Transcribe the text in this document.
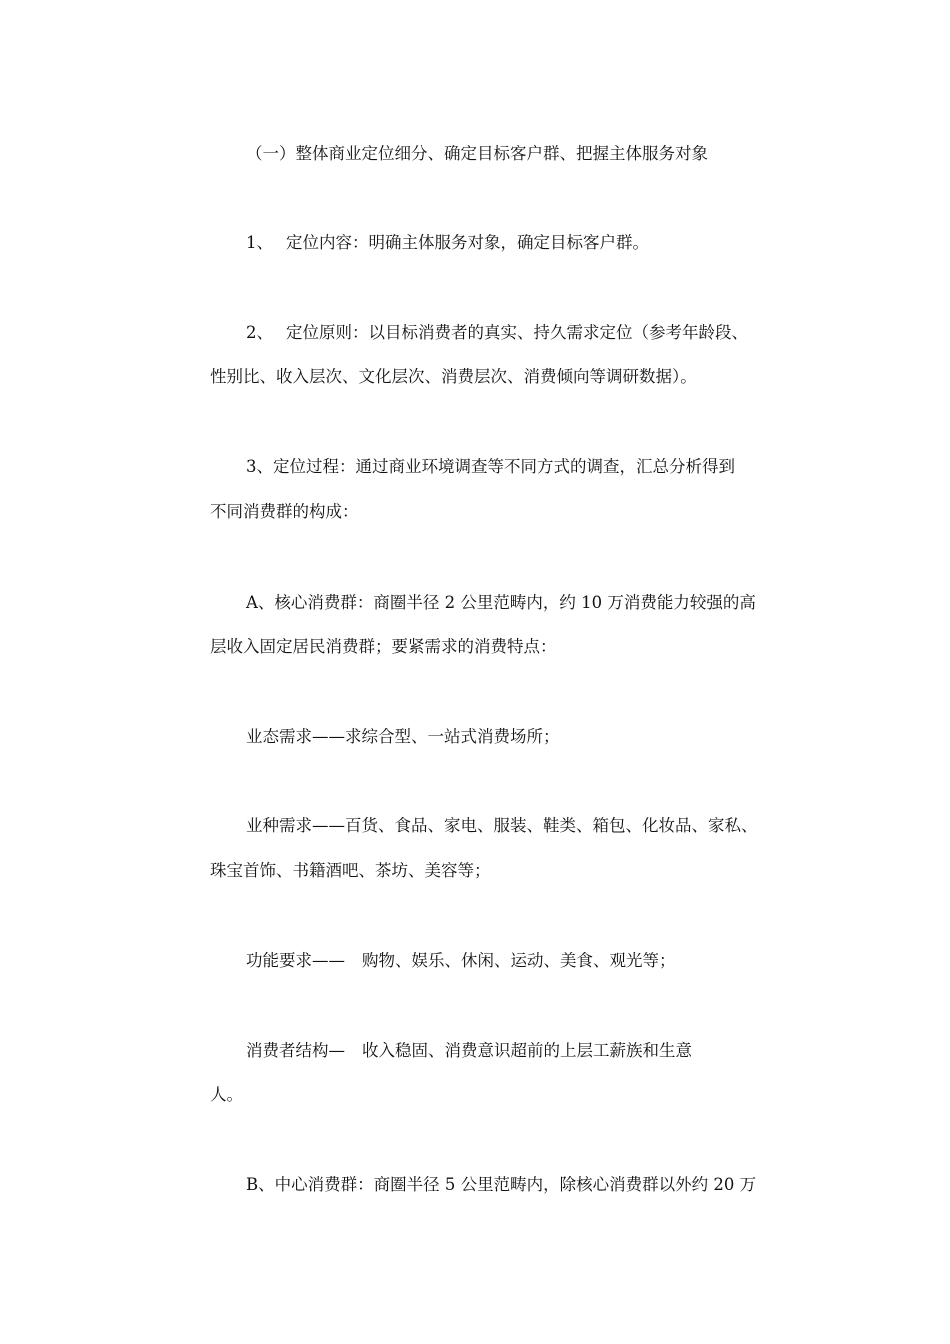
（一）整体商业定位细分、确定目标客户群、把握主体服务对象
1、 定位内容：明确主体服务对象，确定目标客户群。
2、 定位原则：以目标消费者的真实、持久需求定位（参考年龄段、
性别比、收入层次、文化层次、消费层次、消费倾向等调研数据）。
3、定位过程：通过商业环境调查等不同方式的调查，汇总分析得到
不同消费群的构成：
A、核心消费群：商圈半径 2 公里范畴内，约 10 万消费能力较强的高
层收入固定居民消费群；要紧需求的消费特点：
业态需求——求综合型、一站式消费场所；
业种需求——百货、食品、家电、服装、鞋类、箱包、化妆品、家私、
珠宝首饰、书籍酒吧、茶坊、美容等；
功能要求—— 购物、娱乐、休闲、运动、美食、观光等；
消费者结构— 收入稳固、消费意识超前的上层工薪族和生意
人。
B、中心消费群：商圈半径 5 公里范畴内，除核心消费群以外约 20 万
